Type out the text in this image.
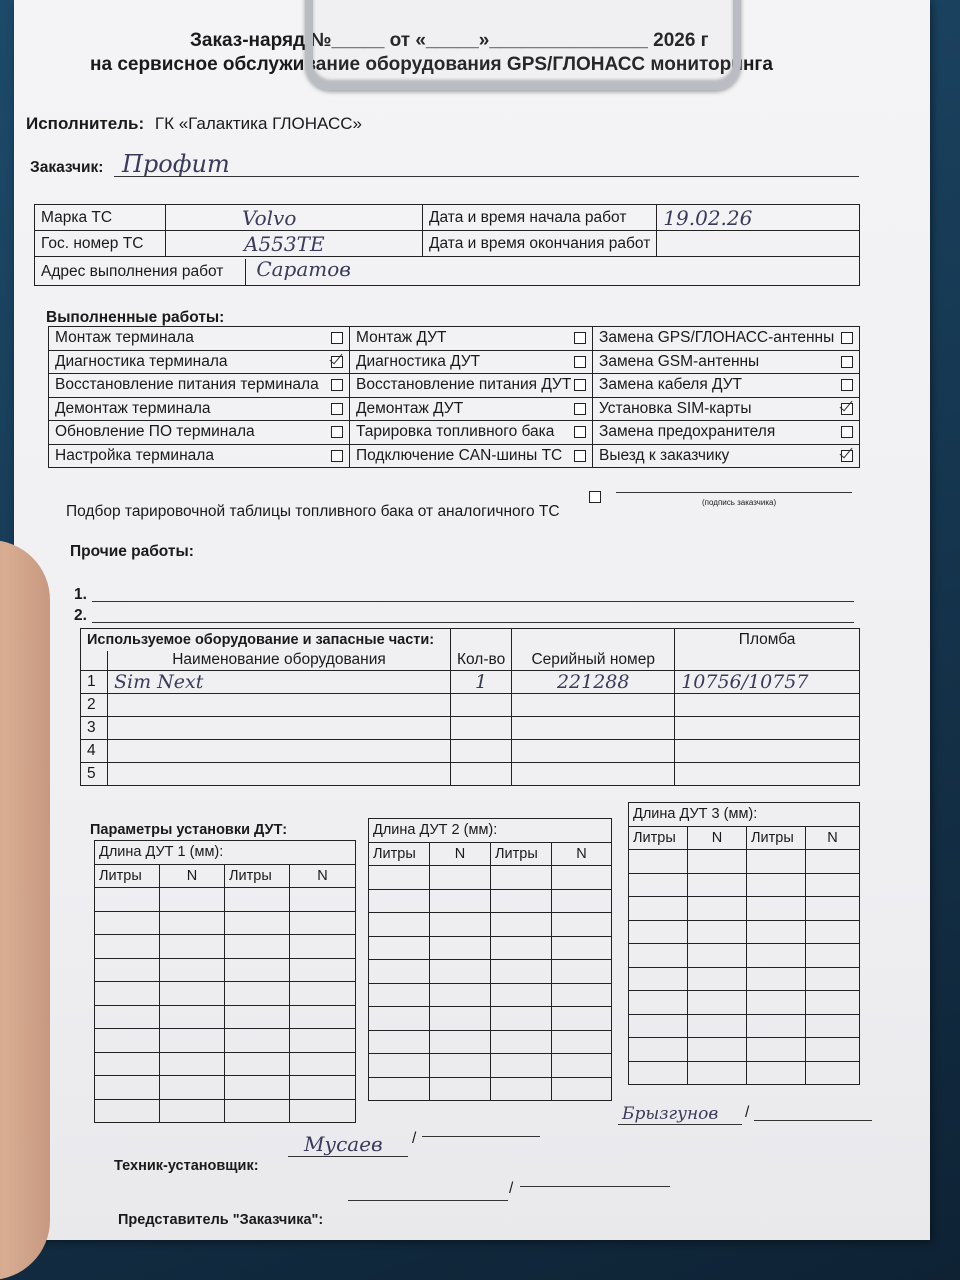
Заказ-наряд №_____ от «_____»_______________ 2026 г
на сервисное обслуживание оборудования GPS/ГЛОНАСС мониторинга
Исполнитель: ГК «Галактика ГЛОНАСС»
Заказчик: Профит
Марка ТС	Volvo	Дата и время начала работ	19.02.26
Гос. номер ТС	A553TE	Дата и время окончания работ	
Адрес выполнения работ Саратов			
Выполненные работы:
Монтаж терминала	Монтаж ДУТ	Замена GPS/ГЛОНАСС-антенны

Диагностика терминала	Диагностика ДУТ	Замена GSM-антенны

Восстановление питания терминала	Восстановление питания ДУТ	Замена кабеля ДУТ

Демонтаж терминала	Демонтаж ДУТ	Установка SIM-карты

Обновление ПО терминала	Тарировка топливного бака	Замена предохранителя

Настройка терминала	Подключение CAN-шины ТС	Выезд к заказчику
Подбор тарировочной таблицы топливного бака от аналогичного ТС
(подпись заказчика)
Прочие работы:
1.
2.
Используемое оборудование и запасные части:				Пломба
	Наименование оборудования	Кол-во	Серийный номер	
1	Sim Next	1	221288	10756/10757
2				
3				
4				
5				
Параметры установки ДУТ:
Длина ДУТ 1 (мм):			
Литры	N	Литры	N

Длина ДУТ 2 (мм):			
Литры	N	Литры	N

Длина ДУТ 3 (мм):			
Литры	N	Литры	N

Брызгунов /
Техник-установщик:
Мусаев /
Представитель "Заказчика":
/
